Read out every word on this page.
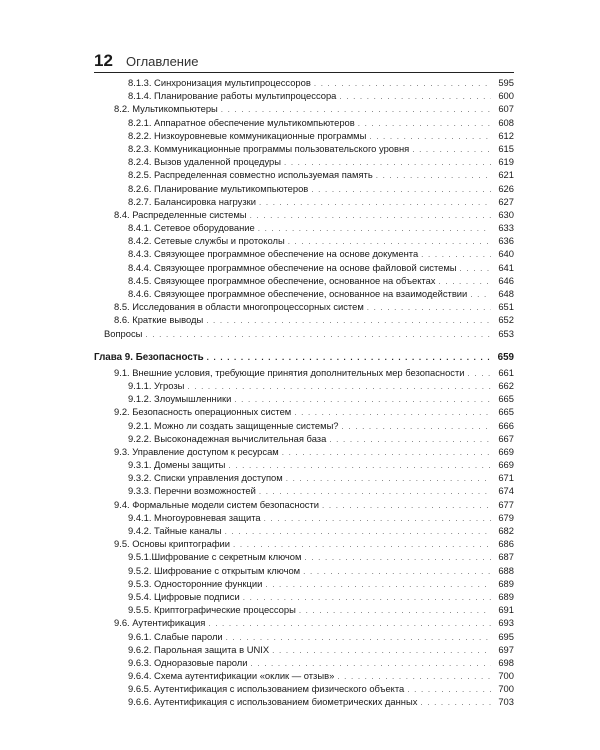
12 Оглавление
8.1.3. Синхронизация мультипроцессоров . . .	595
8.1.4. Планирование работы мультипроцессора . . .	600
8.2. Мультикомпьютеры . . .	607
8.2.1. Аппаратное обеспечение мультикомпьютеров . . .	608
8.2.2. Низкоуровневые коммуникационные программы . . .	612
8.2.3. Коммуникационные программы пользовательского уровня . . .	615
8.2.4. Вызов удаленной процедуры . . .	619
8.2.5. Распределенная совместно используемая память . . .	621
8.2.6. Планирование мультикомпьютеров . . .	626
8.2.7. Балансировка нагрузки . . .	627
8.4. Распределенные системы . . .	630
8.4.1. Сетевое оборудование . . .	633
8.4.2. Сетевые службы и протоколы . . .	636
8.4.3. Связующее программное обеспечение на основе документа . . .	640
8.4.4. Связующее программное обеспечение на основе файловой системы . . .	641
8.4.5. Связующее программное обеспечение, основанное на объектах . . .	646
8.4.6. Связующее программное обеспечение, основанное на взаимодействии . . .	648
8.5. Исследования в области многопроцессорных систем . . .	651
8.6. Краткие выводы . . .	652
Вопросы . . .	653
Глава 9. Безопасность . . .	659
9.1. Внешние условия, требующие принятия дополнительных мер безопасности . . .	661
9.1.1. Угрозы . . .	662
9.1.2. Злоумышленники . . .	665
9.2. Безопасность операционных систем . . .	665
9.2.1. Можно ли создать защищенные системы? . . .	666
9.2.2. Высоконадежная вычислительная база . . .	667
9.3. Управление доступом к ресурсам . . .	669
9.3.1. Домены защиты . . .	669
9.3.2. Списки управления доступом . . .	671
9.3.3. Перечни возможностей . . .	674
9.4. Формальные модели систем безопасности . . .	677
9.4.1. Многоуровневая защита . . .	679
9.4.2. Тайные каналы . . .	682
9.5. Основы криптографии . . .	686
9.5.1.Шифрование с секретным ключом . . .	687
9.5.2. Шифрование с открытым ключом . . .	688
9.5.3. Односторонние функции . . .	689
9.5.4. Цифровые подписи . . .	689
9.5.5. Криптографические процессоры . . .	691
9.6. Аутентификация . . .	693
9.6.1. Слабые пароли . . .	695
9.6.2. Парольная защита в UNIX . . .	697
9.6.3. Одноразовые пароли . . .	698
9.6.4. Схема аутентификации «оклик — отзыв» . . .	700
9.6.5. Аутентификация с использованием физического объекта . . .	700
9.6.6. Аутентификация с использованием биометрических данных . . .	703
